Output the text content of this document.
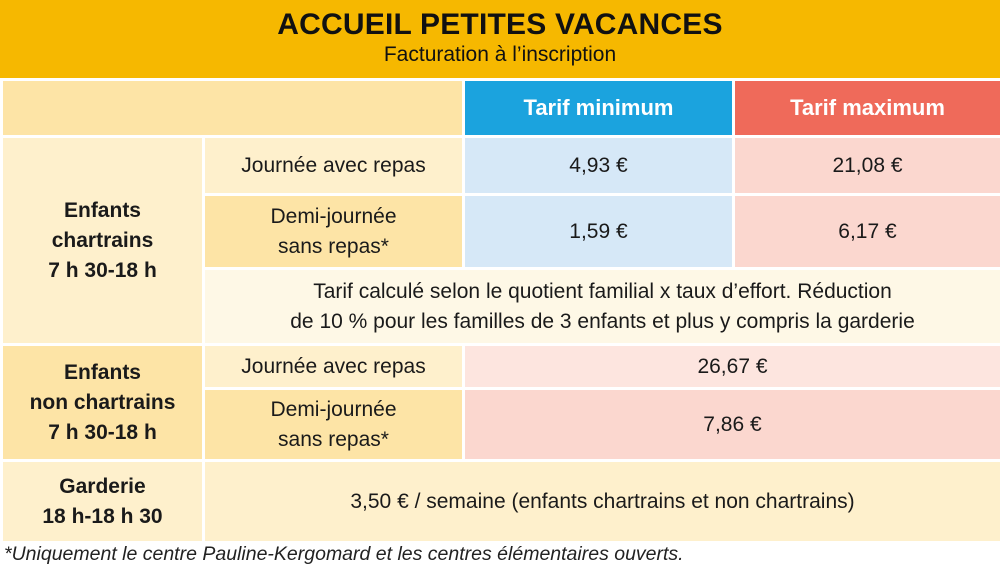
ACCUEIL PETITES VACANCES
Facturation à l’inscription
		Tarif minimum	Tarif maximum

Enfants
chartrains
7 h 30-18 h	Journée avec repas	4,93 €	21,08 €

	Demi-journée
sans repas*	1,59 €	6,17 €

	Tarif calculé selon le quotient familial x taux d’effort. Réduction
de 10 % pour les familles de 3 enfants et plus y compris la garderie		

Enfants
non chartrains
7 h 30-18 h	Journée avec repas	26,67 €	

	Demi-journée
sans repas*	7,86 €	

Garderie
18 h-18 h 30	3,50 € / semaine (enfants chartrains et non chartrains)		
*Uniquement le centre Pauline-Kergomard et les centres élémentaires ouverts.
